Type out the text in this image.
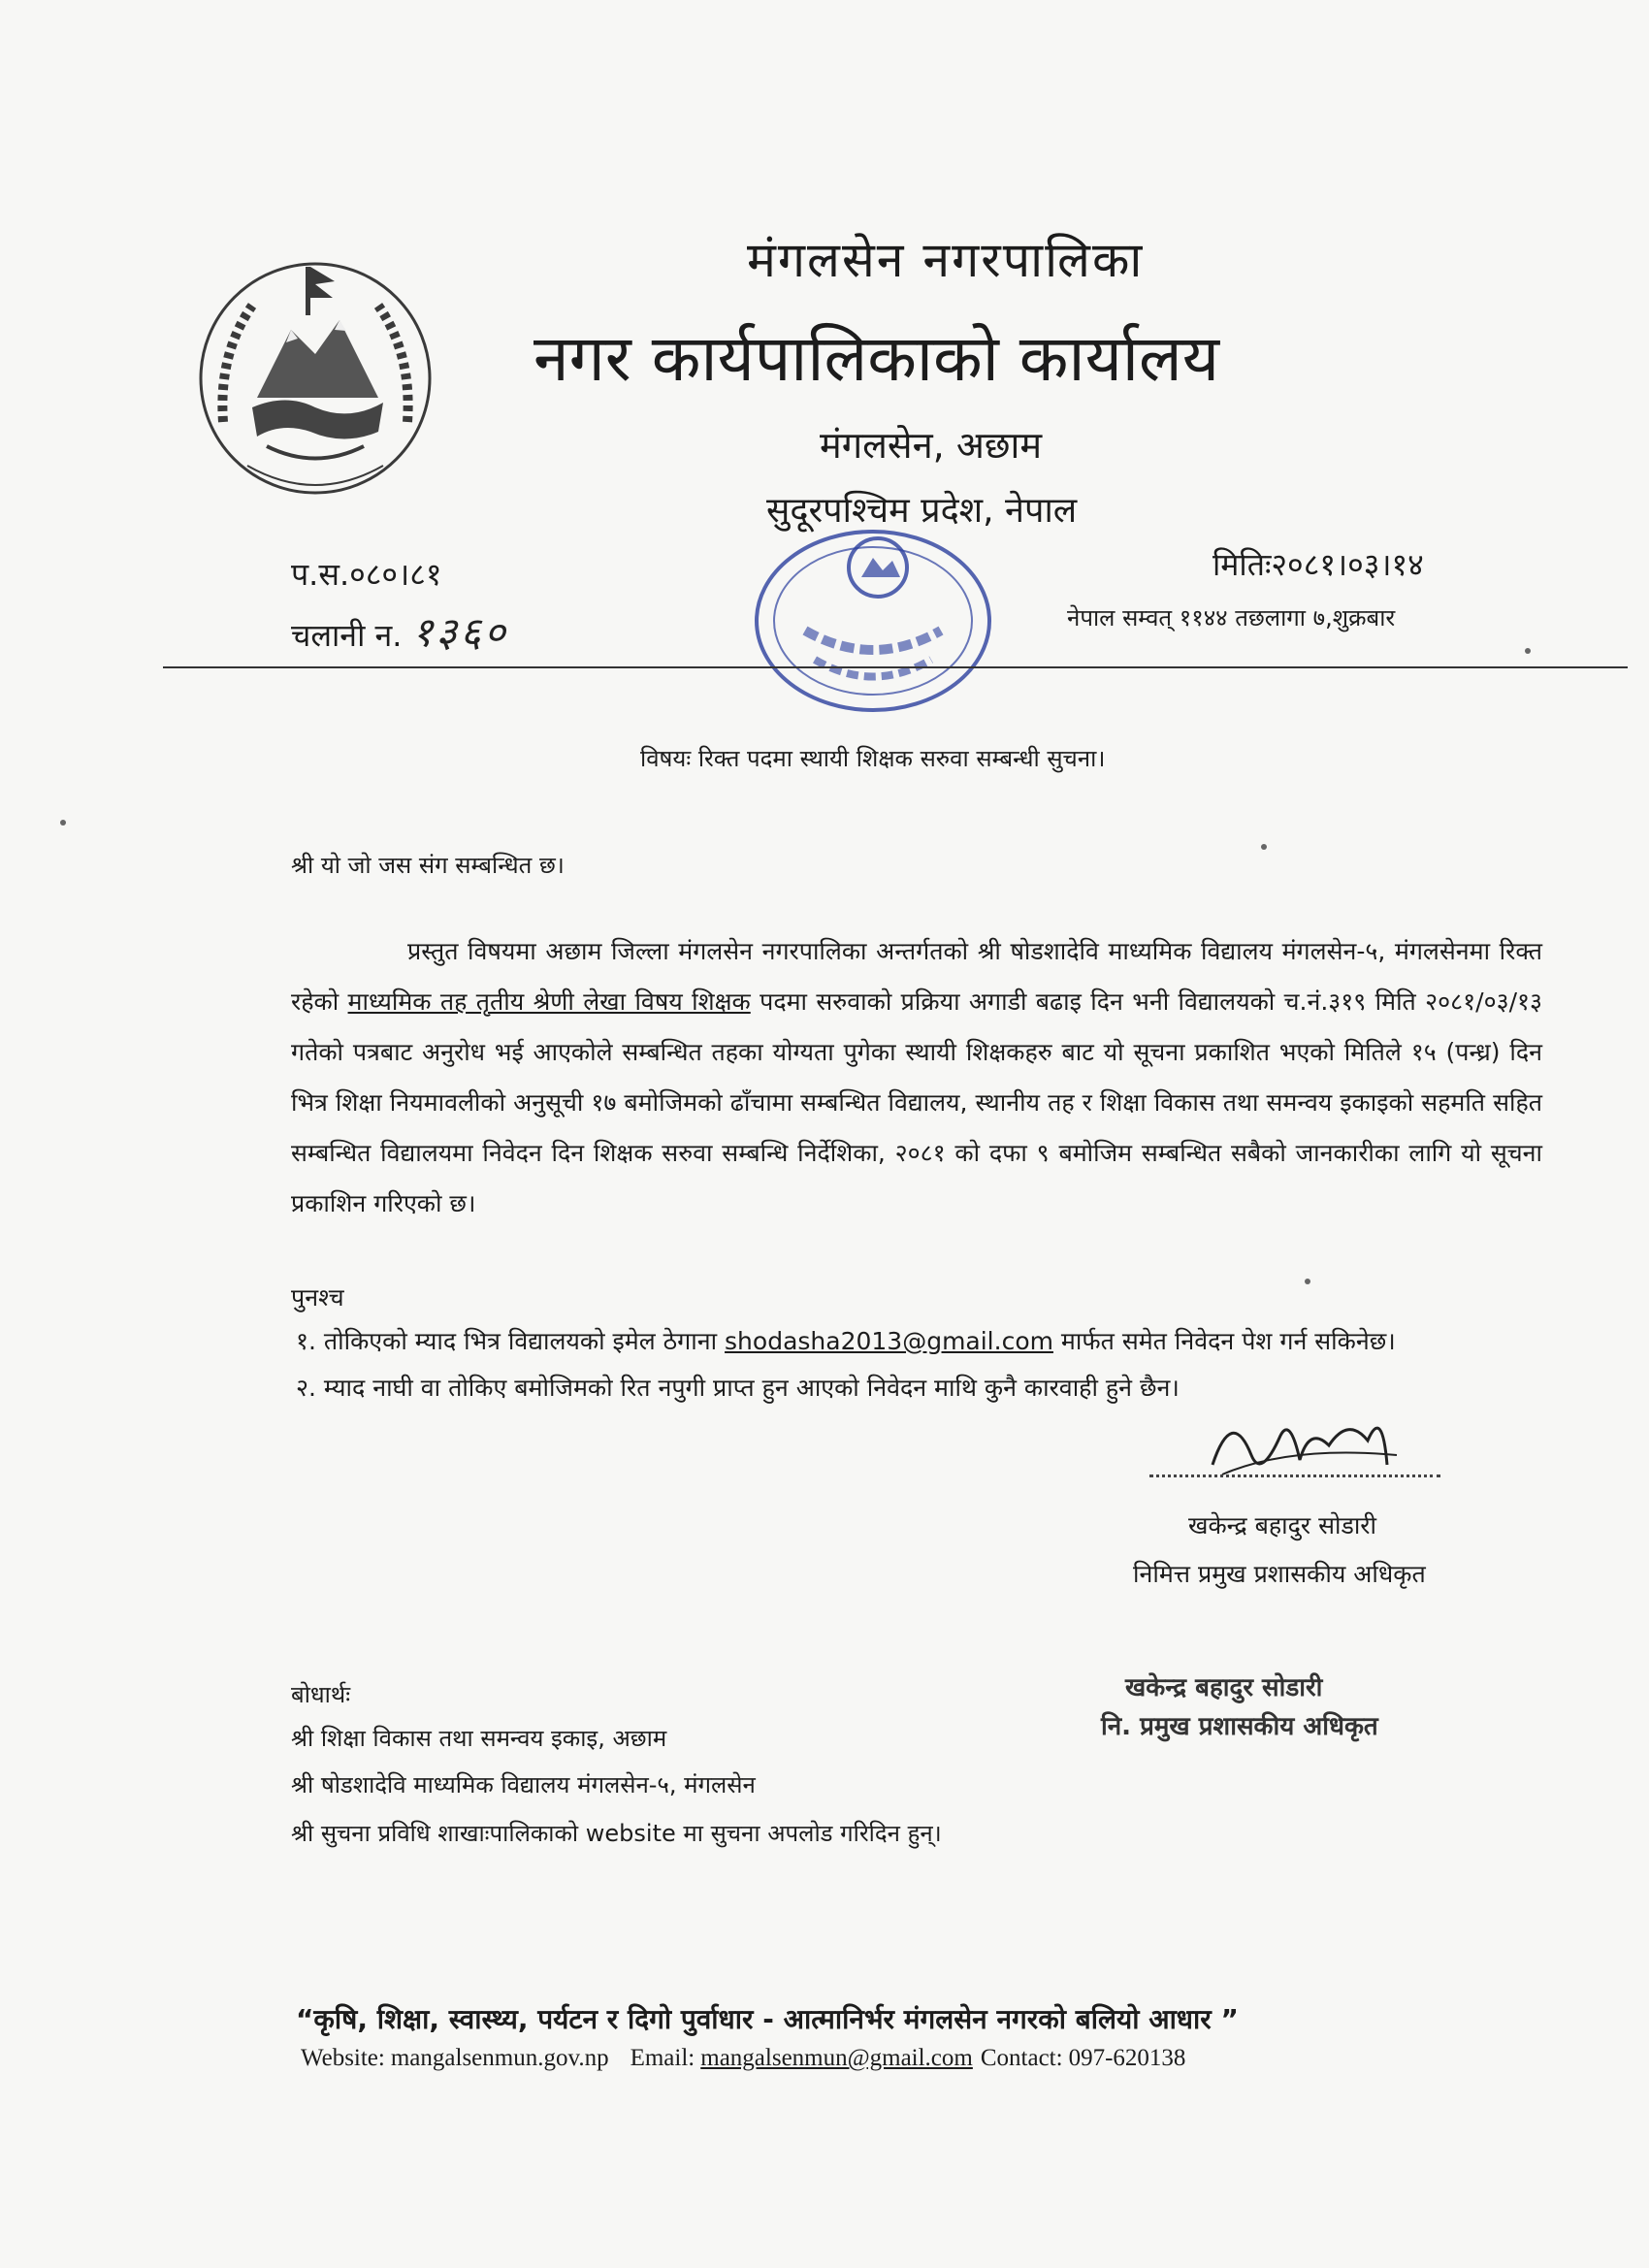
मंगलसेन नगरपालिका
नगर कार्यपालिकाको कार्यालय
मंगलसेन, अछाम
सुदूरपश्चिम प्रदेश, नेपाल
प.स.०८०।८१
चलानी न. १३६०
मितिः२०८१।०३।१४
नेपाल सम्वत् ११४४ तछलागा ७,शुक्रबार
विषयः रिक्त पदमा स्थायी शिक्षक सरुवा सम्बन्धी सुचना।
श्री यो जो जस संग सम्बन्धित छ।

प्रस्तुत विषयमा अछाम जिल्ला मंगलसेन नगरपालिका अन्तर्गतको श्री षोडशादेवि माध्यमिक विद्यालय मंगलसेन-५, मंगलसेनमा रिक्त रहेको माध्यमिक तह तृतीय श्रेणी लेखा विषय शिक्षक पदमा सरुवाको प्रक्रिया अगाडी बढाइ दिन भनी विद्यालयको च.नं.३१९ मिति २०८१/०३/१३ गतेको पत्रबाट अनुरोध भई आएकोले सम्बन्धित तहका योग्यता पुगेका स्थायी शिक्षकहरु बाट यो सूचना प्रकाशित भएको मितिले १५ (पन्ध्र) दिन भित्र शिक्षा नियमावलीको अनुसूची १७ बमोजिमको ढाँचामा सम्बन्धित विद्यालय, स्थानीय तह र शिक्षा विकास तथा समन्वय इकाइको सहमति सहित सम्बन्धित विद्यालयमा निवेदन दिन शिक्षक सरुवा सम्बन्धि निर्देशिका, २०८१ को दफा ९ बमोजिम सम्बन्धित सबैको जानकारीका लागि यो सूचना प्रकाशिन गरिएको छ।

पुनश्च
१. तोकिएको म्याद भित्र विद्यालयको इमेल ठेगाना shodasha2013@gmail.com मार्फत समेत निवेदन पेश गर्न सकिनेछ।
२. म्याद नाघी वा तोकिए बमोजिमको रित नपुगी प्राप्त हुन आएको निवेदन माथि कुनै कारवाही हुने छैन।
खकेन्द्र बहादुर सोडारी
निमित्त प्रमुख प्रशासकीय अधिकृत
खकेन्द्र बहादुर सोडारी
नि. प्रमुख प्रशासकीय अधिकृत
बोधार्थः
श्री शिक्षा विकास तथा समन्वय इकाइ, अछाम
श्री षोडशादेवि माध्यमिक विद्यालय मंगलसेन-५, मंगलसेन
श्री सुचना प्रविधि शाखाःपालिकाको website मा सुचना अपलोड गरिदिन हुन्।
“कृषि, शिक्षा, स्वास्थ्य, पर्यटन र दिगो पुर्वाधार - आत्मानिर्भर मंगलसेन नगरको बलियो आधार ”
Website: mangalsenmun.gov.np Email: mangalsenmun@gmail.com Contact: 097-620138
